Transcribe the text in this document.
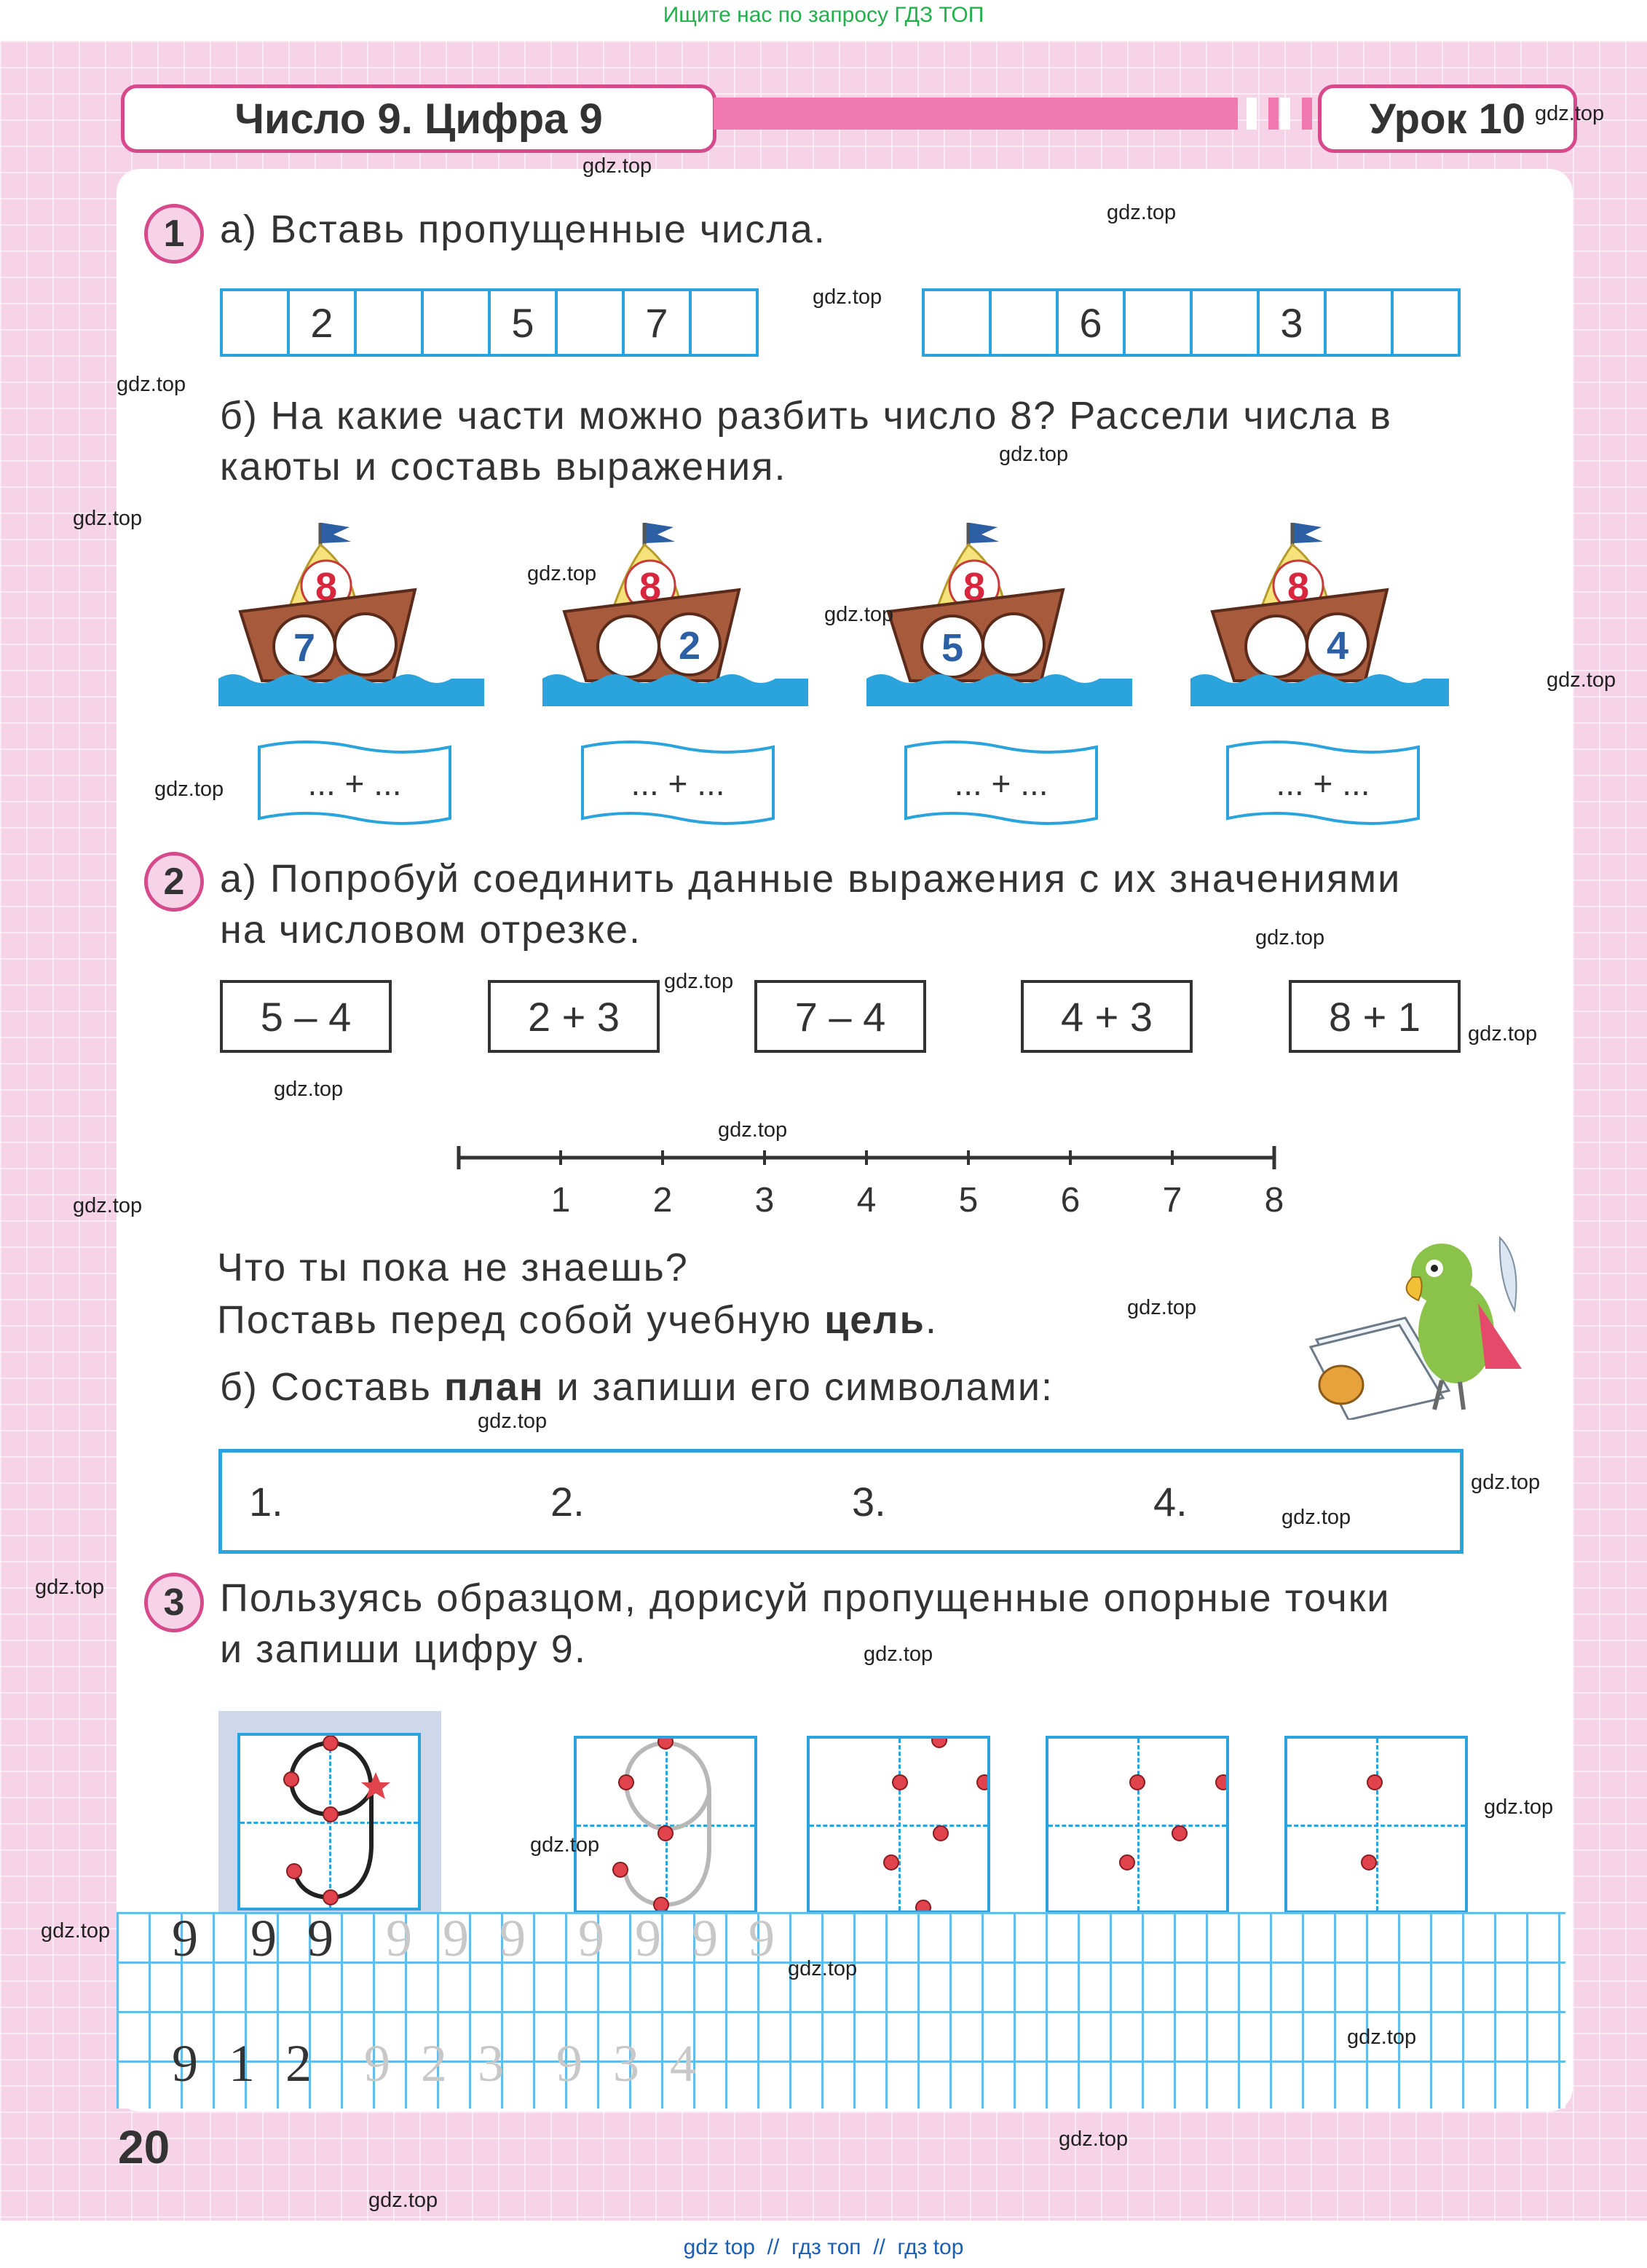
Ищите нас по запросу ГДЗ ТОП
Число 9. Цифра 9	Урок 10
1 а) Вставь пропущенные числа.
2	5	7	6	3
б) На какие части можно разбить число 8? Рассели числа в
каюты и составь выражения.
8
7
8
2
8
5
8
4
... + ...	... + ...	... + ...	... + ...
2 а) Попробуй соединить данные выражения с их значениями
на числовом отрезке.
5 – 4	2 + 3	7 – 4	4 + 3	8 + 1
1 2 3 4 5 6 7 8
Что ты пока не знаешь?
Поставь перед собой учебную цель.
б) Составь план и запиши его символами:
1.	2.	3.	4.
3 Пользуясь образцом, дорисуй пропущенные опорные точки
и запиши цифру 9.
9 9 9 9 9 9 9 9 9 9
9 1 2 9 2 3 9 3 4
20
gdz.top
gdz.top
gdz.top
gdz.top
gdz.top
gdz.top
gdz.top
gdz.top
gdz.top
gdz.top
gdz.top
gdz.top
gdz.top
gdz.top
gdz.top
gdz.top
gdz.top
gdz.top
gdz.top
gdz.top
gdz.top
gdz.top
gdz.top
gdz.top
gdz.top
gdz.top
gdz.top
gdz.top
gdz.top
gdz.top
gdz top  //  гдз топ  //  гдз top
